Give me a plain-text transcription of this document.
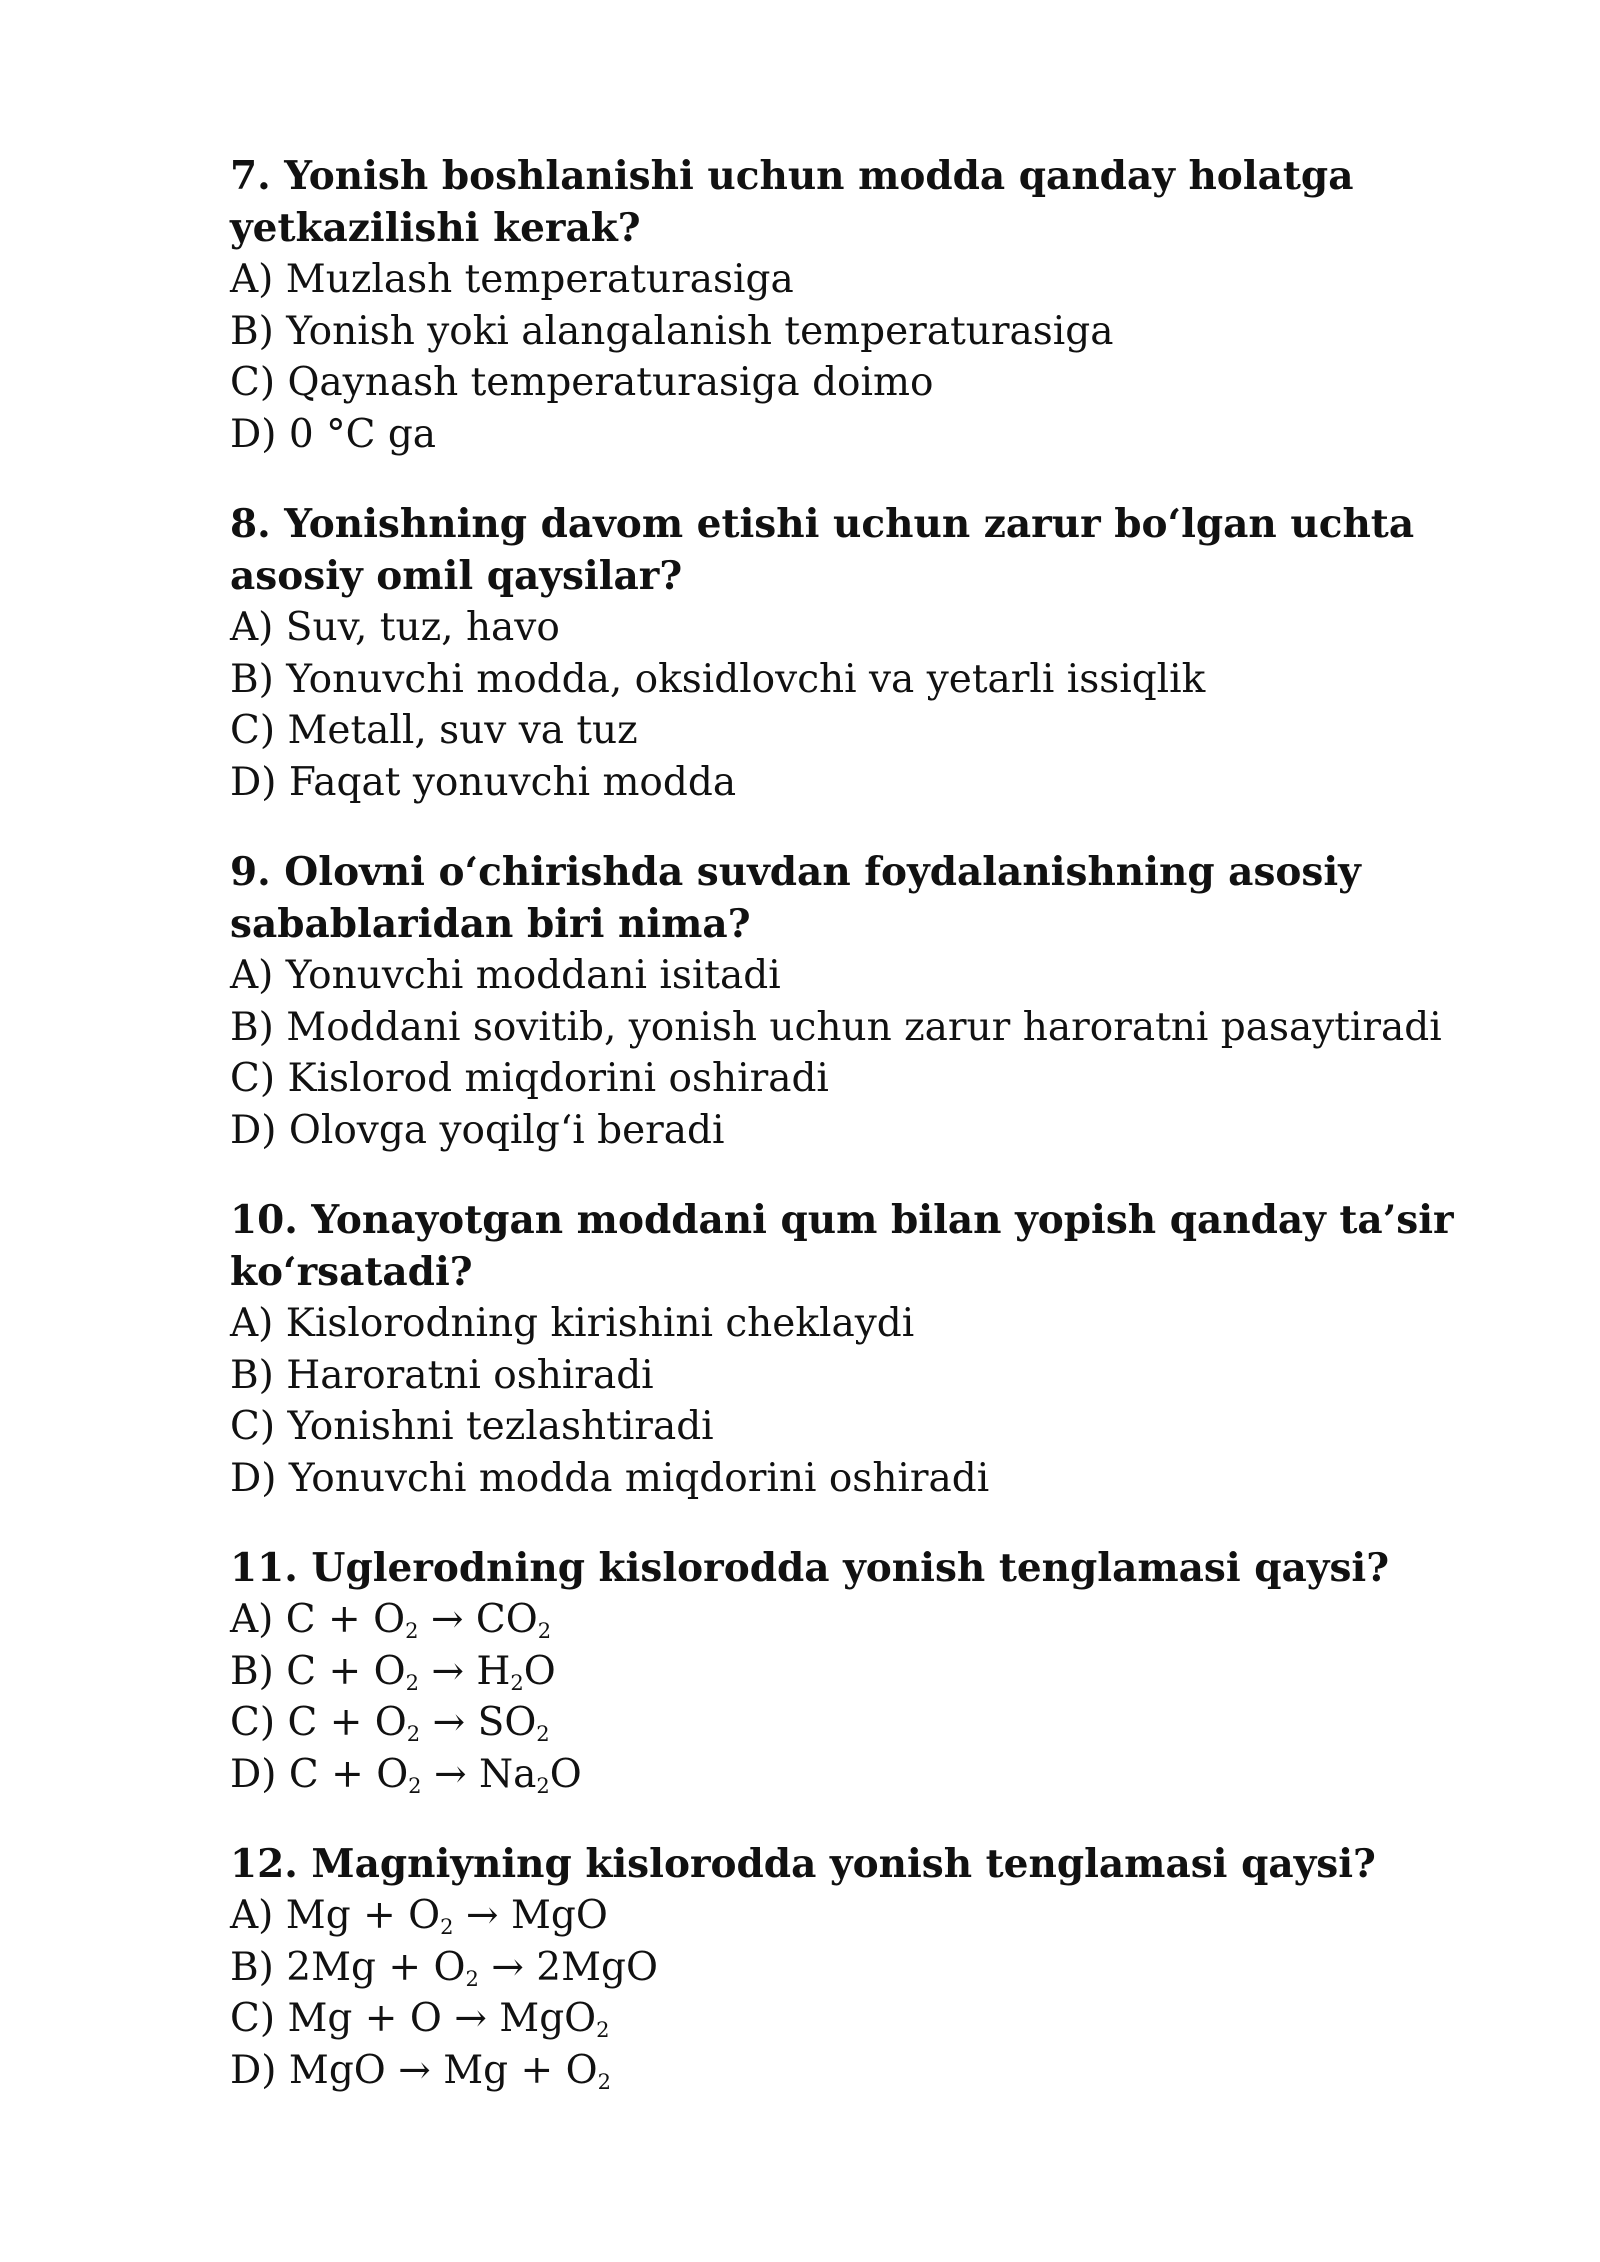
7. Yonish boshlanishi uchun modda qanday holatga yetkazilishi kerak?

A) Muzlash temperaturasiga

B) Yonish yoki alangalanish temperaturasiga

C) Qaynash temperaturasiga doimo

D) 0 °C ga

8. Yonishning davom etishi uchun zarur bo‘lgan uchta asosiy omil qaysilar?

A) Suv, tuz, havo

B) Yonuvchi modda, oksidlovchi va yetarli issiqlik

C) Metall, suv va tuz

D) Faqat yonuvchi modda

9. Olovni o‘chirishda suvdan foydalanishning asosiy sabablaridan biri nima?

A) Yonuvchi moddani isitadi

B) Moddani sovitib, yonish uchun zarur haroratni pasaytiradi

C) Kislorod miqdorini oshiradi

D) Olovga yoqilg‘i beradi

10. Yonayotgan moddani qum bilan yopish qanday ta’sir ko‘rsatadi?

A) Kislorodning kirishini cheklaydi

B) Haroratni oshiradi

C) Yonishni tezlashtiradi

D) Yonuvchi modda miqdorini oshiradi

11. Uglerodning kislorodda yonish tenglamasi qaysi?

A) $C + O_2 \to CO_2$

B) $C + O_2 \to H_2O$

C) $C + O_2 \to SO_2$

D) $C + O_2 \to Na_2O$

12. Magniyning kislorodda yonish tenglamasi qaysi?

A) $Mg + O_2$ → MgO

B) $2Mg + O_2 \to 2MgO$

C) Mg + O → MgO$_2$

D) MgO → $Mg + O_2$
